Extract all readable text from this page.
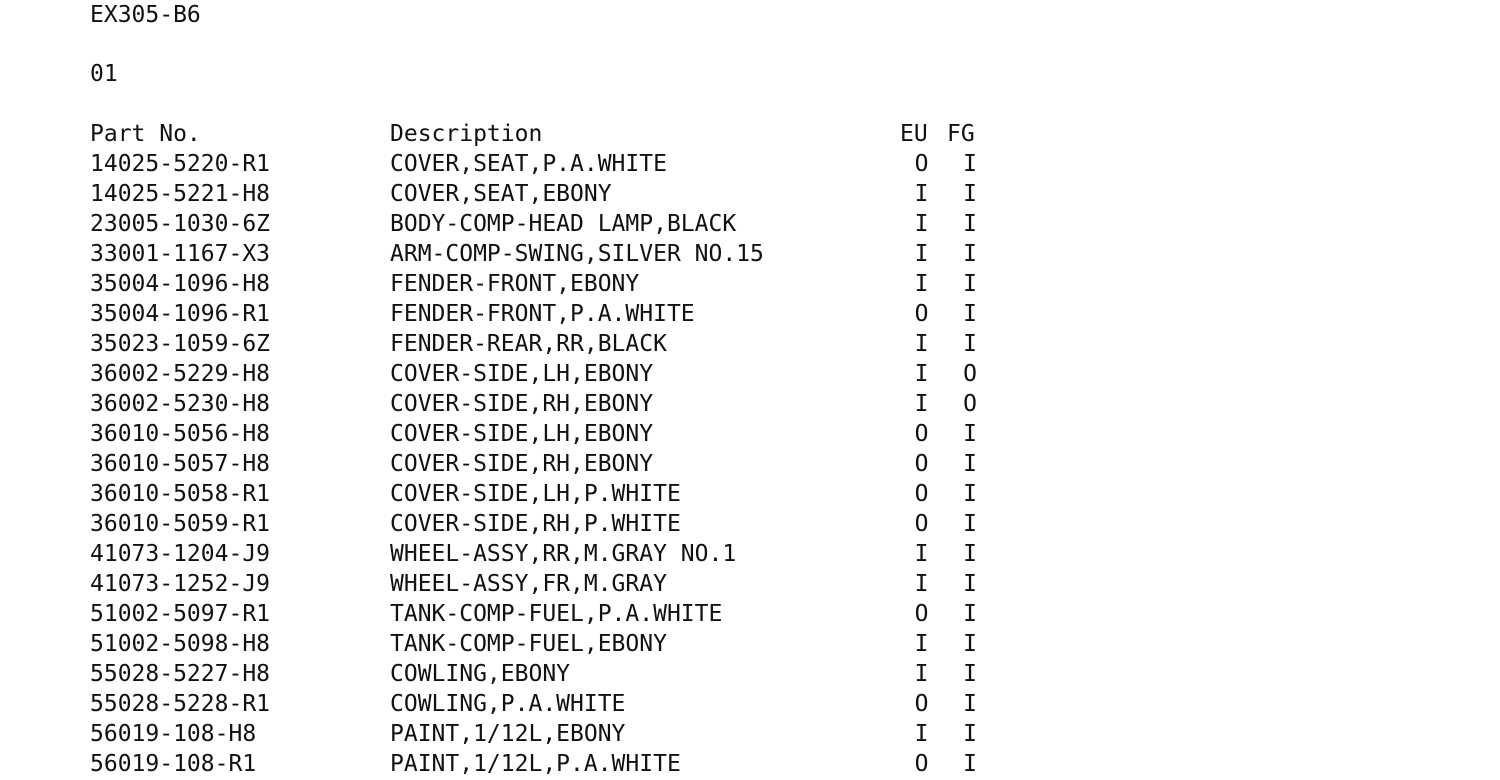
EX305-B6
01
Part No.	Description	EU FG
14025-5220-R1	COVER,SEAT,P.A.WHITE	O	I
14025-5221-H8	COVER,SEAT,EBONY	I	I
23005-1030-6Z	BODY-COMP-HEAD LAMP,BLACK	I	I
33001-1167-X3	ARM-COMP-SWING,SILVER NO.15	I	I
35004-1096-H8	FENDER-FRONT,EBONY	I	I
35004-1096-R1	FENDER-FRONT,P.A.WHITE	O	I
35023-1059-6Z	FENDER-REAR,RR,BLACK	I	I
36002-5229-H8	COVER-SIDE,LH,EBONY	I	O
36002-5230-H8	COVER-SIDE,RH,EBONY	I	O
36010-5056-H8	COVER-SIDE,LH,EBONY	O	I
36010-5057-H8	COVER-SIDE,RH,EBONY	O	I
36010-5058-R1	COVER-SIDE,LH,P.WHITE	O	I
36010-5059-R1	COVER-SIDE,RH,P.WHITE	O	I
41073-1204-J9	WHEEL-ASSY,RR,M.GRAY NO.1	I	I
41073-1252-J9	WHEEL-ASSY,FR,M.GRAY	I	I
51002-5097-R1	TANK-COMP-FUEL,P.A.WHITE	O	I
51002-5098-H8	TANK-COMP-FUEL,EBONY	I	I
55028-5227-H8	COWLING,EBONY	I	I
55028-5228-R1	COWLING,P.A.WHITE	O	I
56019-108-H8	PAINT,1/12L,EBONY	I	I
56019-108-R1	PAINT,1/12L,P.A.WHITE	O	I
